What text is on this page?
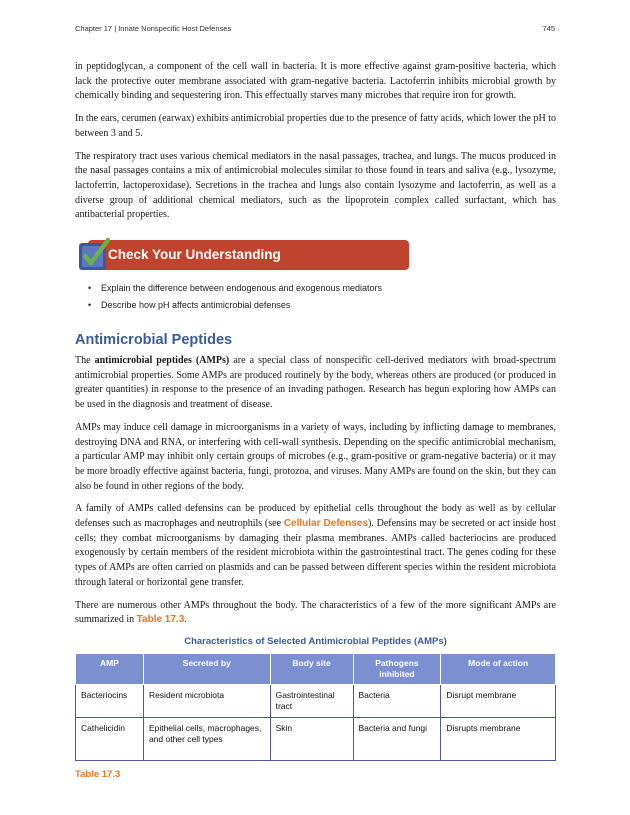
Chapter 17 | Innate Nonspecific Host Defenses	745

in peptidoglycan, a component of the cell wall in bacteria. It is more effective against gram-positive bacteria, which lack the protective outer membrane associated with gram-negative bacteria. Lactoferrin inhibits microbial growth by chemically binding and sequestering iron. This effectually starves many microbes that require iron for growth.

In the ears, cerumen (earwax) exhibits antimicrobial properties due to the presence of fatty acids, which lower the pH to between 3 and 5.

The respiratory tract uses various chemical mediators in the nasal passages, trachea, and lungs. The mucus produced in the nasal passages contains a mix of antimicrobial molecules similar to those found in tears and saliva (e.g., lysozyme, lactoferrin, lactoperoxidase). Secretions in the trachea and lungs also contain lysozyme and lactoferrin, as well as a diverse group of additional chemical mediators, such as the lipoprotein complex called surfactant, which has antibacterial properties.

Check Your Understanding
• Explain the difference between endogenous and exogenous mediators
• Describe how pH affects antimicrobial defenses
Antimicrobial Peptides

The antimicrobial peptides (AMPs) are a special class of nonspecific cell-derived mediators with broad-spectrum antimicrobial properties. Some AMPs are produced routinely by the body, whereas others are produced (or produced in greater quantities) in response to the presence of an invading pathogen. Research has begun exploring how AMPs can be used in the diagnosis and treatment of disease.

AMPs may induce cell damage in microorganisms in a variety of ways, including by inflicting damage to membranes, destroying DNA and RNA, or interfering with cell-wall synthesis. Depending on the specific antimicrobial mechanism, a particular AMP may inhibit only certain groups of microbes (e.g., gram-positive or gram-negative bacteria) or it may be more broadly effective against bacteria, fungi, protozoa, and viruses. Many AMPs are found on the skin, but they can also be found in other regions of the body.

A family of AMPs called defensins can be produced by epithelial cells throughout the body as well as by cellular defenses such as macrophages and neutrophils (see Cellular Defenses). Defensins may be secreted or act inside host cells; they combat microorganisms by damaging their plasma membranes. AMPs called bacteriocins are produced exogenously by certain members of the resident microbiota within the gastrointestinal tract. The genes coding for these types of AMPs are often carried on plasmids and can be passed between different species within the resident microbiota through lateral or horizontal gene transfer.

There are numerous other AMPs throughout the body. The characteristics of a few of the more significant AMPs are summarized in Table 17.3.

Characteristics of Selected Antimicrobial Peptides (AMPs)
AMP	Secreted by	Body site	Pathogens inhibited	Mode of action
Bacteriocins	Resident microbiota	Gastrointestinal tract	Bacteria	Disrupt membrane
Cathelicidin	Epithelial cells, macrophages, and other cell types	Skin	Bacteria and fungi	Disrupts membrane
Table 17.3
